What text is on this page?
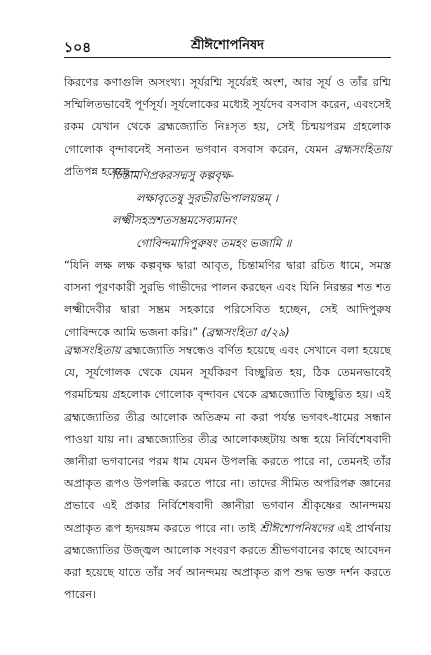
১০৪	শ্রীঈশোপনিষদ

কিরণের কণাগুলি অসংখ্য। সূর্যরশ্মি সূর্যেরই অংশ, আর সূর্য ও তাঁর রশ্মি সম্মিলিতভাবেই পূর্ণসূর্য। সূর্যলোকের মধ্যেই সূর্যদেব বসবাস করেন, এবংসেই রকম যেখান থেকে ব্রহ্মজ্যোতি নিঃসৃত হয়, সেই চিন্ময়পরম গ্রহলোক গোলোক বৃন্দাবনেই সনাতন ভগবান বসবাস করেন, যেমন ব্রহ্মসংহিতায় প্রতিপন্ন হয়েছে—

চিন্তামণিপ্রকরসদ্মসু কল্পবৃক্ষ-
লক্ষাবৃতেষু সুরভীরভিপালয়ন্তম্ ।
লক্ষ্মীসহস্রশতসম্ভ্রমসেব্যমানং
গোবিন্দমাদিপুরুষং তমহং ভজামি ॥

“যিনি লক্ষ লক্ষ কল্পবৃক্ষ দ্বারা আবৃত, চিন্তামণির দ্বারা রচিত ধামে, সমস্ত বাসনা পূরণকারী সুরভি গাভীদের পালন করছেন এবং যিনি নিরন্তর শত শত লক্ষ্মীদেবীর দ্বারা সম্ভ্রম সহকারে পরিসেবিত হচ্ছেন, সেই আদিপুরুষ গোবিন্দকে আমি ভজনা করি।” (ব্রহ্মসংহিতা ৫/২৯)

ব্রহ্মসংহিতায় ব্রহ্মজ্যোতি সম্বন্ধেও বর্ণিত হয়েছে এবং সেখানে বলা হয়েছে যে, সূর্যগোলক থেকে যেমন সূর্যকিরণ বিচ্ছুরিত হয়, ঠিক তেমনভাবেই পরমচিন্ময় গ্রহলোক গোলোক বৃন্দাবন থেকে ব্রহ্মজ্যোতি বিচ্ছুরিত হয়। এই ব্রহ্মজ্যোতির তীব্র আলোক অতিক্রম না করা পর্যন্ত ভগবৎ-ধামের সন্ধান পাওয়া যায় না। ব্রহ্মজ্যোতির তীব্র আলোকচ্ছটায় অন্ধ হয়ে নির্বিশেষবাদী জ্ঞানীরা ভগবানের পরম ধাম যেমন উপলব্ধি করতে পারে না, তেমনই তাঁর অপ্রাকৃত রূপও উপলব্ধি করতে পারে না। তাদের সীমিত অপরিপক্ব জ্ঞানের প্রভাবে এই প্রকার নির্বিশেষবাদী জ্ঞানীরা ভগবান শ্রীকৃষ্ণের আনন্দময় অপ্রাকৃত রূপ হৃদয়ঙ্গম করতে পারে না। তাই শ্রীঈশোপনিষদের এই প্রার্থনায় ব্রহ্মজ্যোতির উজ্জ্বল আলোক সংবরণ করতে শ্রীভগবানের কাছে আবেদন করা হয়েছে যাতে তাঁর সর্ব আনন্দময় অপ্রাকৃত রূপ শুদ্ধ ভক্ত দর্শন করতে পারেন।
